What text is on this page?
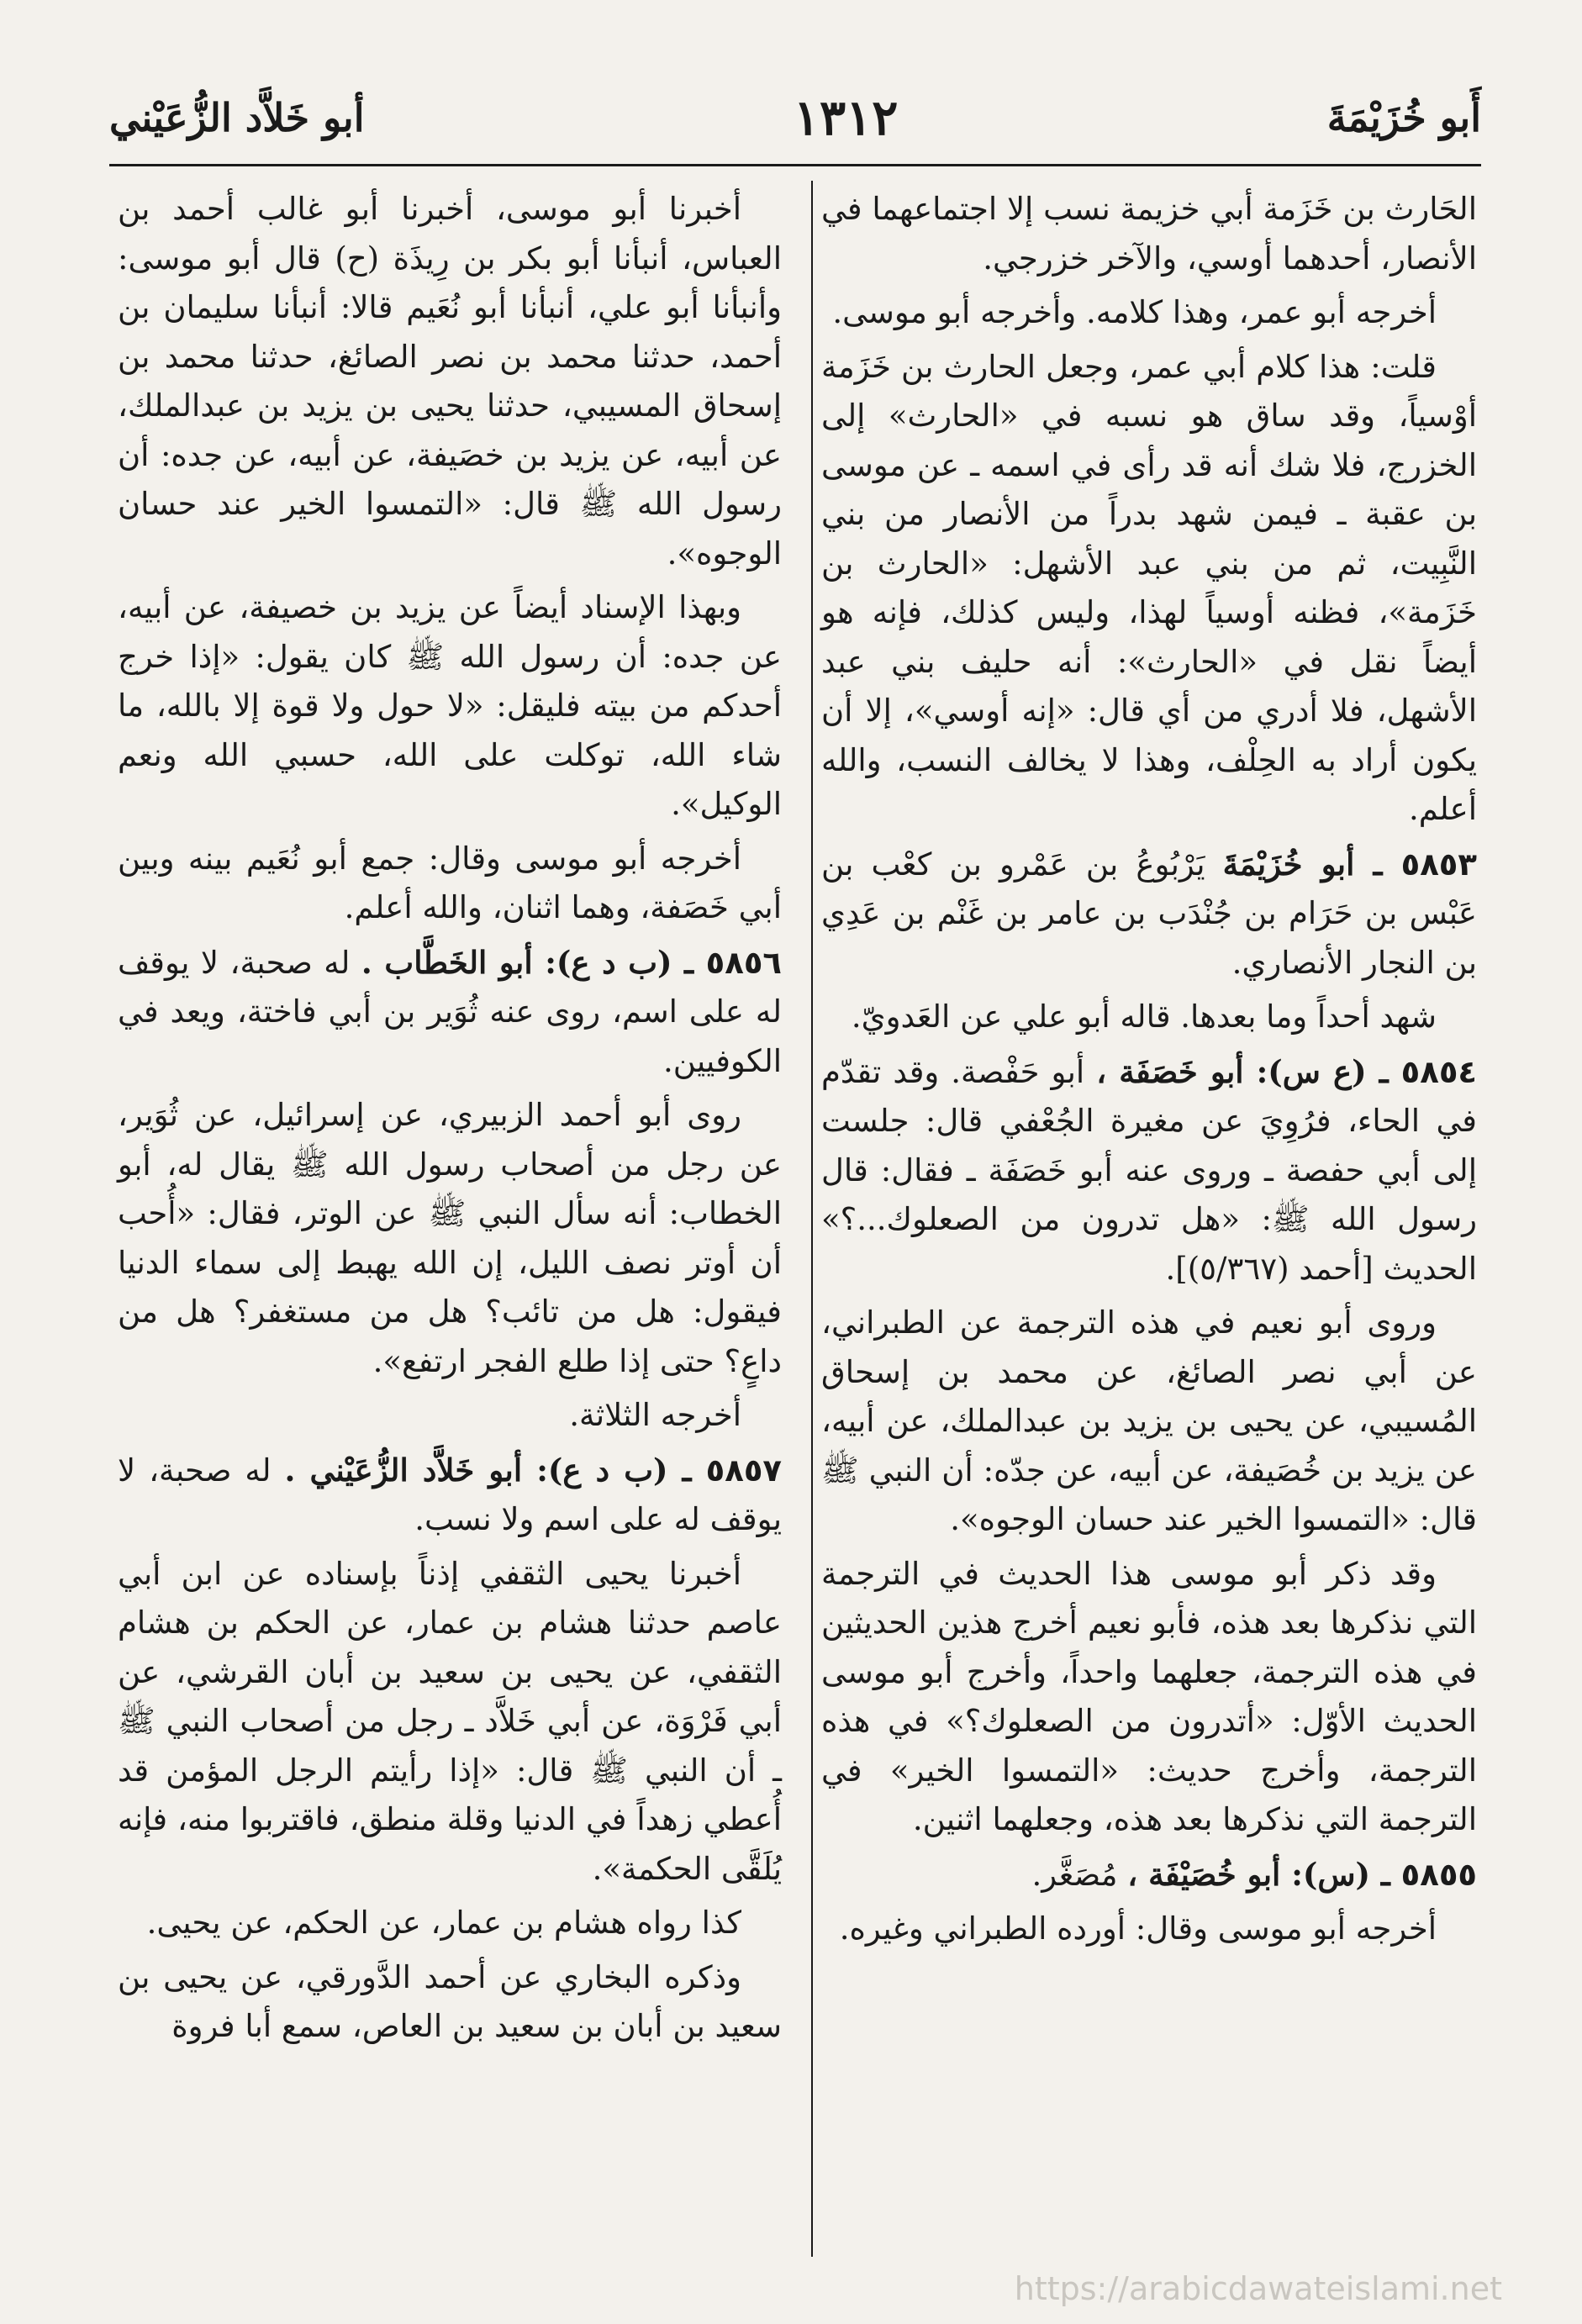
أَبو خُزَيْمَةَ
١٣١٢
أبو خَلاَّد الزُّعَيْني

الحَارث بن خَزَمة أبي خزيمة نسب إلا اجتماعهما في الأنصار، أحدهما أوسي، والآخر خزرجي.

أخرجه أبو عمر، وهذا كلامه. وأخرجه أبو موسى.

قلت: هذا كلام أبي عمر، وجعل الحارث بن خَزَمة أوْسياً، وقد ساق هو نسبه في «الحارث» إلى الخزرج، فلا شك أنه قد رأى في اسمه ـ عن موسى بن عقبة ـ فيمن شهد بدراً من الأنصار من بني النَّبِيت، ثم من بني عبد الأشهل: «الحارث بن خَزَمة»، فظنه أوسياً لهذا، وليس كذلك، فإنه هو أيضاً نقل في «الحارث»: أنه حليف بني عبد الأشهل، فلا أدري من أي قال: «إنه أوسي»، إلا أن يكون أراد به الحِلْف، وهذا لا يخالف النسب، والله أعلم.

٥٨٥٣ ـ أبو خُزَيْمَةَ يَرْبُوعُ بن عَمْرو بن كعْب بن عَبْس بن حَرَام بن جُنْدَب بن عامر بن غَنْم بن عَدِي بن النجار الأنصاري.

شهد أحداً وما بعدها. قاله أبو علي عن العَدويّ.

٥٨٥٤ ـ (ع س): أبو خَصَفَة ، أبو حَفْصة. وقد تقدّم في الحاء، فرُوِيَ عن مغيرة الجُعْفي قال: جلست إلى أبي حفصة ـ وروى عنه أبو خَصَفَة ـ فقال: قال رسول الله ﷺ: «هل تدرون من الصعلوك...؟» الحديث [أحمد (٥/٣٦٧)].

وروى أبو نعيم في هذه الترجمة عن الطبراني، عن أبي نصر الصائغ، عن محمد بن إسحاق المُسيبي، عن يحيى بن يزيد بن عبدالملك، عن أبيه، عن يزيد بن خُصَيفة، عن أبيه، عن جدّه: أن النبي ﷺ قال: «التمسوا الخير عند حسان الوجوه».

وقد ذكر أبو موسى هذا الحديث في الترجمة التي نذكرها بعد هذه، فأبو نعيم أخرج هذين الحديثين في هذه الترجمة، جعلهما واحداً، وأخرج أبو موسى الحديث الأوّل: «أتدرون من الصعلوك؟» في هذه الترجمة، وأخرج حديث: «التمسوا الخير» في الترجمة التي نذكرها بعد هذه، وجعلهما اثنين.

٥٨٥٥ ـ (س): أبو خُصَيْفَة ، مُصَغَّر.

أخرجه أبو موسى وقال: أورده الطبراني وغيره.

أخبرنا أبو موسى، أخبرنا أبو غالب أحمد بن العباس، أنبأنا أبو بكر بن رِيذَة (ح) قال أبو موسى: وأنبأنا أبو علي، أنبأنا أبو نُعَيم قالا: أنبأنا سليمان بن أحمد، حدثنا محمد بن نصر الصائغ، حدثنا محمد بن إسحاق المسيبي، حدثنا يحيى بن يزيد بن عبدالملك، عن أبيه، عن يزيد بن خصَيفة، عن أبيه، عن جده: أن رسول الله ﷺ قال: «التمسوا الخير عند حسان الوجوه».

وبهذا الإسناد أيضاً عن يزيد بن خصيفة، عن أبيه، عن جده: أن رسول الله ﷺ كان يقول: «إذا خرج أحدكم من بيته فليقل: «لا حول ولا قوة إلا بالله، ما شاء الله، توكلت على الله، حسبي الله ونعم الوكيل».

أخرجه أبو موسى وقال: جمع أبو نُعَيم بينه وبين أبي خَصَفة، وهما اثنان، والله أعلم.

٥٨٥٦ ـ (ب د ع): أبو الخَطَّاب . له صحبة، لا يوقف له على اسم، روى عنه ثُوَير بن أبي فاختة، ويعد في الكوفيين.

روى أبو أحمد الزبيري، عن إسرائيل، عن ثُوَير، عن رجل من أصحاب رسول الله ﷺ يقال له، أبو الخطاب: أنه سأل النبي ﷺ عن الوتر، فقال: «أُحب أن أوتر نصف الليل، إن الله يهبط إلى سماء الدنيا فيقول: هل من تائب؟ هل من مستغفر؟ هل من داعٍ؟ حتى إذا طلع الفجر ارتفع».

أخرجه الثلاثة.

٥٨٥٧ ـ (ب د ع): أبو خَلاَّد الزُّعَيْني . له صحبة، لا يوقف له على اسم ولا نسب.

أخبرنا يحيى الثقفي إذناً بإسناده عن ابن أبي عاصم حدثنا هشام بن عمار، عن الحكم بن هشام الثقفي، عن يحيى بن سعيد بن أبان القرشي، عن أبي فَرْوَة، عن أبي خَلاَّد ـ رجل من أصحاب النبي ﷺ ـ أن النبي ﷺ قال: «إذا رأيتم الرجل المؤمن قد أُعطي زهداً في الدنيا وقلة منطق، فاقتربوا منه، فإنه يُلَقَّى الحكمة».

كذا رواه هشام بن عمار، عن الحكم، عن يحيى.

وذكره البخاري عن أحمد الدَّورقي، عن يحيى بن سعيد بن أبان بن سعيد بن العاص، سمع أبا فروة

https://arabicdawateislami.net
